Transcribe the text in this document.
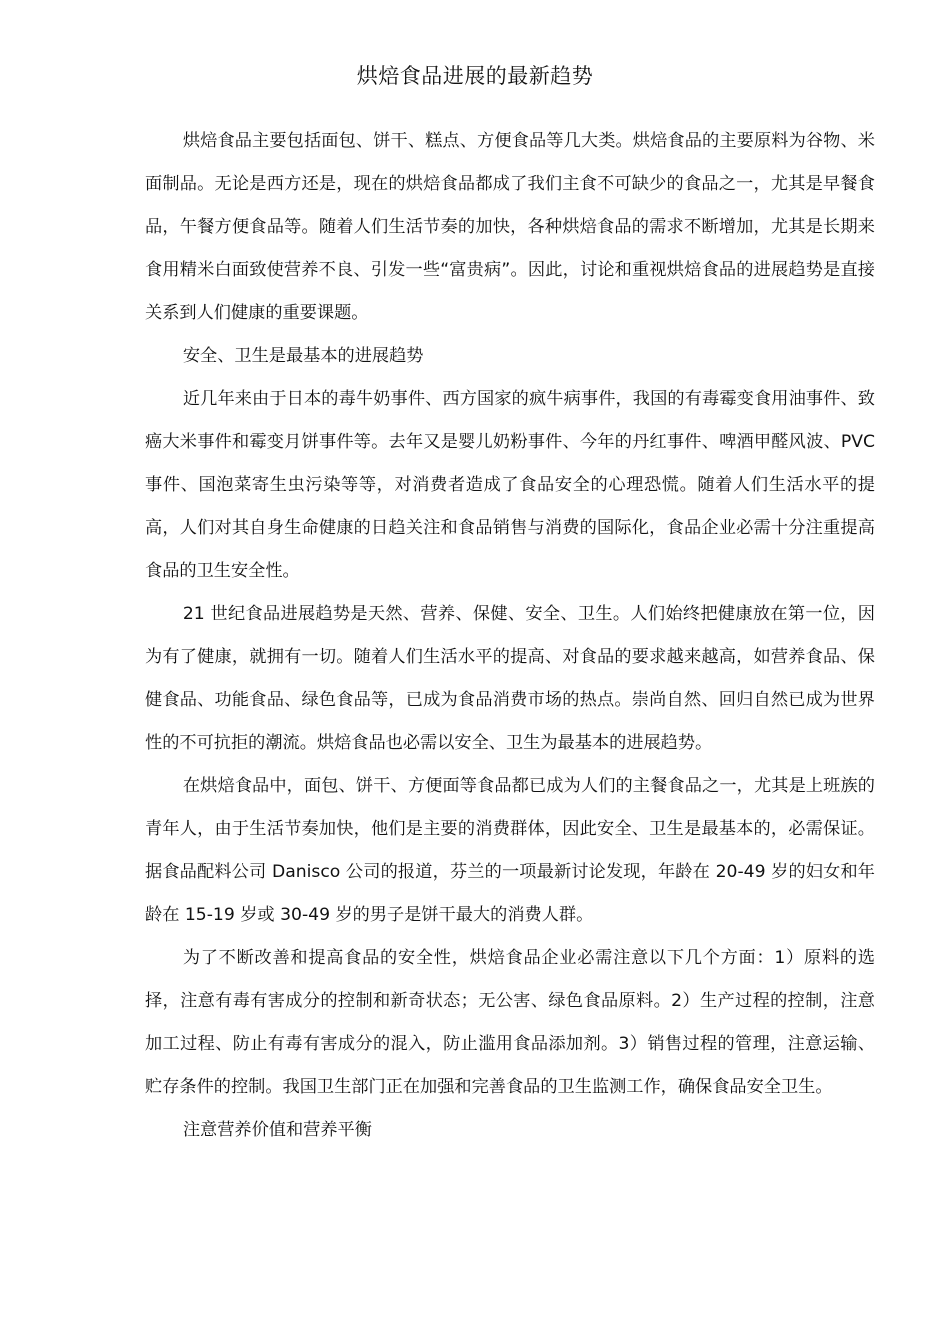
烘焙食品进展的最新趋势

烘焙食品主要包括面包、饼干、糕点、方便食品等几大类。烘焙食品的主要原料为谷物、米面制品。无论是西方还是，现在的烘焙食品都成了我们主食不可缺少的食品之一，尤其是早餐食品，午餐方便食品等。随着人们生活节奏的加快，各种烘焙食品的需求不断增加，尤其是长期来食用精米白面致使营养不良、引发一些“富贵病”。因此，讨论和重视烘焙食品的进展趋势是直接关系到人们健康的重要课题。

安全、卫生是最基本的进展趋势

近几年来由于日本的毒牛奶事件、西方国家的疯牛病事件，我国的有毒霉变食用油事件、致癌大米事件和霉变月饼事件等。去年又是婴儿奶粉事件、今年的丹红事件、啤酒甲醛风波、PVC 事件、国泡菜寄生虫污染等等，对消费者造成了食品安全的心理恐慌。随着人们生活水平的提高，人们对其自身生命健康的日趋关注和食品销售与消费的国际化，食品企业必需十分注重提高食品的卫生安全性。

21 世纪食品进展趋势是天然、营养、保健、安全、卫生。人们始终把健康放在第一位，因为有了健康，就拥有一切。随着人们生活水平的提高、对食品的要求越来越高，如营养食品、保健食品、功能食品、绿色食品等，已成为食品消费市场的热点。崇尚自然、回归自然已成为世界性的不可抗拒的潮流。烘焙食品也必需以安全、卫生为最基本的进展趋势。

在烘焙食品中，面包、饼干、方便面等食品都已成为人们的主餐食品之一，尤其是上班族的青年人，由于生活节奏加快，他们是主要的消费群体，因此安全、卫生是最基本的，必需保证。据食品配料公司 Danisco 公司的报道，芬兰的一项最新讨论发现，年龄在 20-49 岁的妇女和年龄在 15-19 岁或 30-49 岁的男子是饼干最大的消费人群。

为了不断改善和提高食品的安全性，烘焙食品企业必需注意以下几个方面：1）原料的选择，注意有毒有害成分的控制和新奇状态；无公害、绿色食品原料。2）生产过程的控制，注意加工过程、防止有毒有害成分的混入，防止滥用食品添加剂。3）销售过程的管理，注意运输、贮存条件的控制。我国卫生部门正在加强和完善食品的卫生监测工作，确保食品安全卫生。

注意营养价值和营养平衡
